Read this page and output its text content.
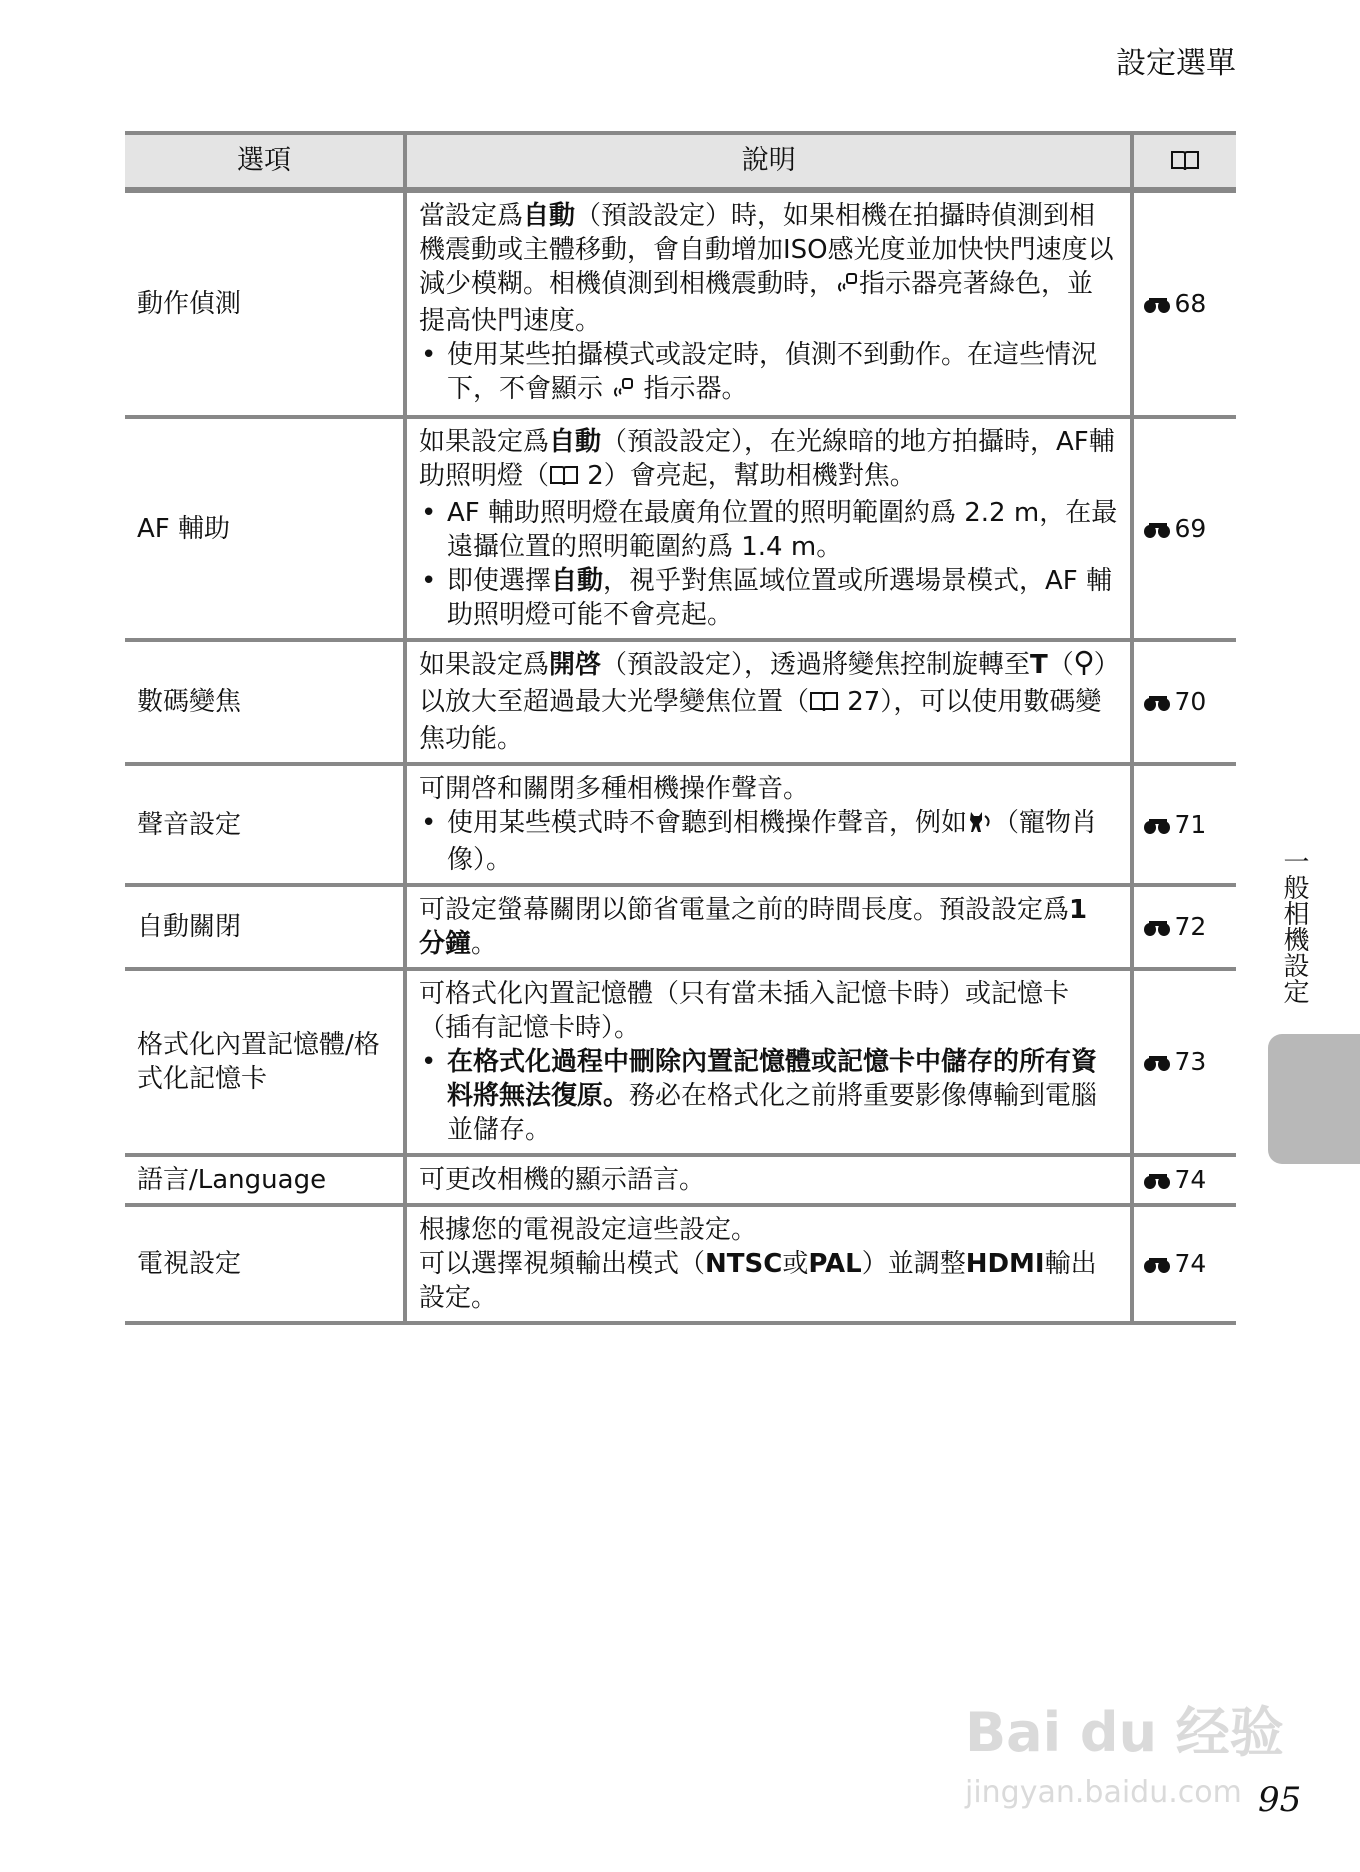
設定選單
選項	說明	
動作偵測	當設定爲自動（預設設定）時，如果相機在拍攝時偵測到相機震動或主體移動，會自動增加ISO感光度並加快快門速度以減少模糊。相機偵測到相機震動時， 指示器亮著綠色，並提高快門速度。
• 使用某些拍攝模式或設定時，偵測不到動作。在這些情況下，不會顯示  指示器。	68
AF 輔助	如果設定爲自動（預設設定），在光線暗的地方拍攝時，AF輔助照明燈（ 2）會亮起，幫助相機對焦。
• AF 輔助照明燈在最廣角位置的照明範圍約爲 2.2 m，在最遠攝位置的照明範圍約爲 1.4 m。
• 即使選擇自動，視乎對焦區域位置或所選場景模式，AF 輔助照明燈可能不會亮起。	69
數碼變焦	如果設定爲開啓（預設設定），透過將變焦控制旋轉至T（ ）以放大至超過最大光學變焦位置（ 27），可以使用數碼變焦功能。	70
聲音設定	可開啓和關閉多種相機操作聲音。
• 使用某些模式時不會聽到相機操作聲音，例如 （寵物肖像）。	71
自動關閉	可設定螢幕關閉以節省電量之前的時間長度。預設設定爲1 分鐘。	72
格式化內置記憶體/格式化記憶卡	可格式化內置記憶體（只有當未插入記憶卡時）或記憶卡（插有記憶卡時）。
• 在格式化過程中刪除內置記憶體或記憶卡中儲存的所有資料將無法復原。務必在格式化之前將重要影像傳輸到電腦並儲存。	73
語言/Language	可更改相機的顯示語言。	74
電視設定	根據您的電視設定這些設定。
可以選擇視頻輸出模式（NTSC或PAL）並調整HDMI輸出設定。	74
一般相機設定
Bai du 经验
jingyan.baidu.com 95
